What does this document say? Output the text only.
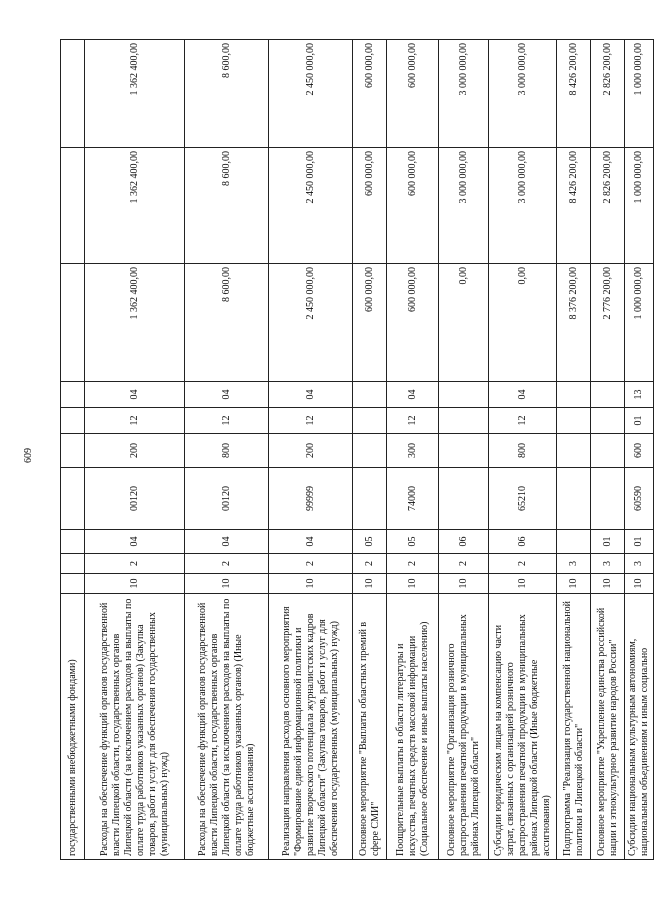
609
государственными внебюджетными фондами)										
Расходы на обеспечение функций органов государственной власти Липецкой области, государственных органов Липецкой области (за исключением расходов на выплаты по оплате труда работников указанных органов) (Закупка товаров, работ и услуг для обеспечения государственных (муниципальных) нужд)	10	2	04	00120	200	12	04	1 362 400,00	1 362 400,00	1 362 400,00
Расходы на обеспечение функций органов государственной власти Липецкой области, государственных органов Липецкой области (за исключением расходов на выплаты по оплате труда работников указанных органов) (Иные бюджетные ассигнования)	10	2	04	00120	800	12	04	8 600,00	8 600,00	8 600,00
Реализация направления расходов основного мероприятия "Формирование единой информационной политики и развитие творческого потенциала журналистских кадров Липецкой области" (Закупка товаров, работ и услуг для обеспечения государственных (муниципальных) нужд)	10	2	04	99999	200	12	04	2 450 000,00	2 450 000,00	2 450 000,00
Основное мероприятие "Выплаты областных премий в сфере СМИ"	10	2	05					600 000,00	600 000,00	600 000,00
Поощрительные выплаты в области литературы и искусства, печатных средств массовой информации (Социальное обеспечение и иные выплаты населению)	10	2	05	74000	300	12	04	600 000,00	600 000,00	600 000,00
Основное мероприятие "Организация розничного распространения печатной продукции в муниципальных районах Липецкой области"	10	2	06					0,00	3 000 000,00	3 000 000,00
Субсидии юридическим лицам на компенсацию части затрат, связанных с организацией розничного распространения печатной продукции в муниципальных районах Липецкой области (Иные бюджетные ассигнования)	10	2	06	65210	800	12	04	0,00	3 000 000,00	3 000 000,00
Подпрограмма "Реализация государственной национальной политики в Липецкой области"	10	3						8 376 200,00	8 426 200,00	8 426 200,00
Основное мероприятие "Укрепление единства российской нации и этнокультурное развитие народов России"	10	3	01					2 776 200,00	2 826 200,00	2 826 200,00
Субсидии национальным культурным автономиям, национальным объединениям и иным социально	10	3	01	60590	600	01	13	1 000 000,00	1 000 000,00	1 000 000,00
